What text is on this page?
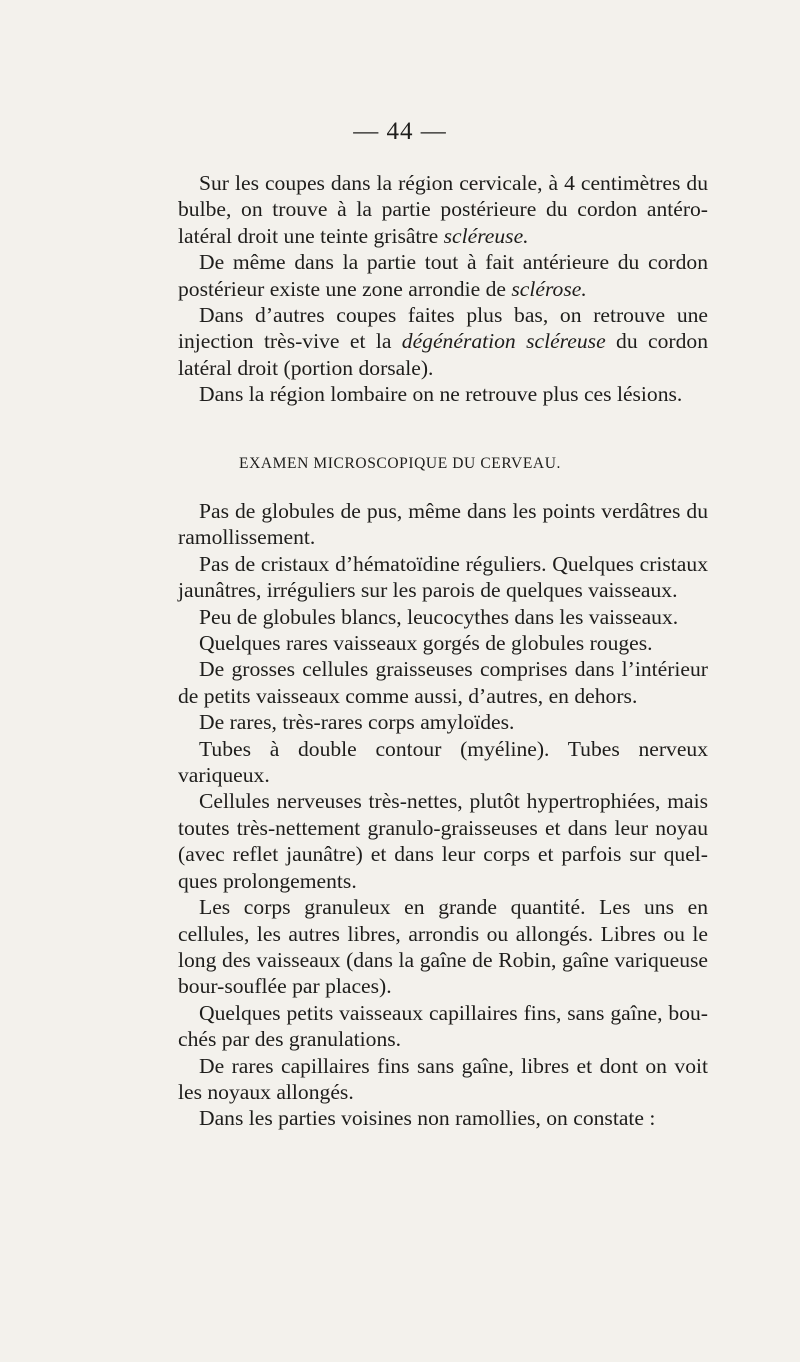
— 44 —

Sur les coupes dans la région cervicale, à 4 centimètres du bulbe, on trouve à la partie postérieure du cordon antéro-latéral droit une teinte grisâtre scléreuse.

De même dans la partie tout à fait antérieure du cordon postérieur existe une zone arrondie de sclérose.

Dans d’autres coupes faites plus bas, on retrouve une injection très-vive et la dégénération scléreuse du cordon latéral droit (portion dorsale).

Dans la région lombaire on ne retrouve plus ces lésions.

EXAMEN MICROSCOPIQUE DU CERVEAU.

Pas de globules de pus, même dans les points verdâtres du ramollissement.

Pas de cristaux d’hématoïdine réguliers. Quelques cristaux jaunâtres, irréguliers sur les parois de quelques vaisseaux.

Peu de globules blancs, leucocythes dans les vaisseaux.

Quelques rares vaisseaux gorgés de globules rouges.

De grosses cellules graisseuses comprises dans l’intérieur de petits vaisseaux comme aussi, d’autres, en dehors.

De rares, très-rares corps amyloïdes.

Tubes à double contour (myéline). Tubes nerveux variqueux.

Cellules nerveuses très-nettes, plutôt hypertrophiées, mais toutes très-nettement granulo-graisseuses et dans leur noyau (avec reflet jaunâtre) et dans leur corps et parfois sur quel-ques prolongements.

Les corps granuleux en grande quantité. Les uns en cellules, les autres libres, arrondis ou allongés. Libres ou le long des vaisseaux (dans la gaîne de Robin, gaîne variqueuse bour-souflée par places).

Quelques petits vaisseaux capillaires fins, sans gaîne, bou-chés par des granulations.

De rares capillaires fins sans gaîne, libres et dont on voit les noyaux allongés.

Dans les parties voisines non ramollies, on constate :
